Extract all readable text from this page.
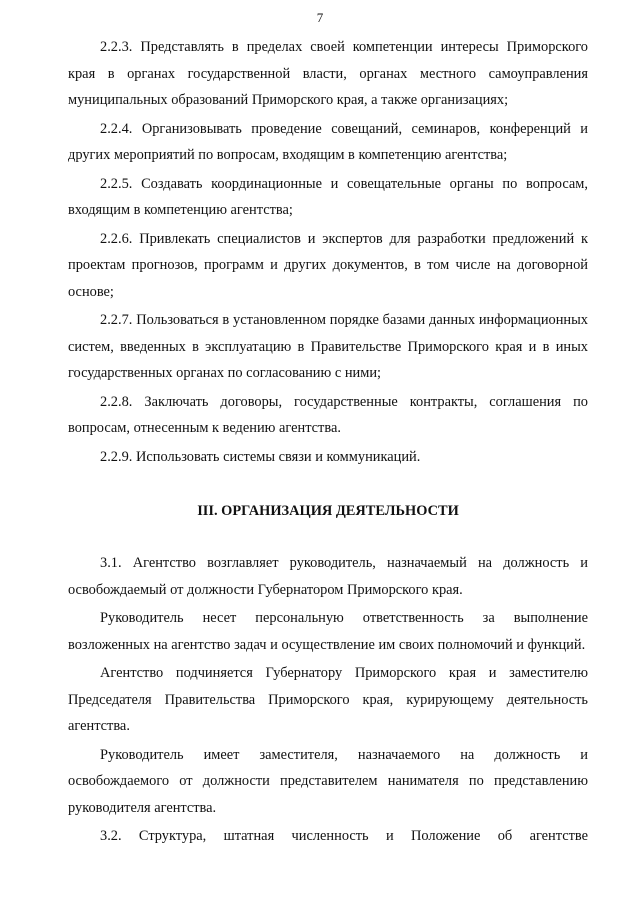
7

2.2.3. Представлять в пределах своей компетенции интересы Приморского края в органах государственной власти, органах местного самоуправления муниципальных образований Приморского края, а также организациях;

2.2.4. Организовывать проведение совещаний, семинаров, конференций и других мероприятий по вопросам, входящим в компетенцию агентства;

2.2.5. Создавать координационные и совещательные органы по вопросам, входящим в компетенцию агентства;

2.2.6. Привлекать специалистов и экспертов для разработки предложений к проектам прогнозов, программ и других документов, в том числе на договорной основе;

2.2.7. Пользоваться в установленном порядке базами данных информационных систем, введенных в эксплуатацию в Правительстве Приморского края и в иных государственных органах по согласованию с ними;

2.2.8. Заключать договоры, государственные контракты, соглашения по вопросам, отнесенным к ведению агентства.

2.2.9. Использовать системы связи и коммуникаций.

III. ОРГАНИЗАЦИЯ ДЕЯТЕЛЬНОСТИ

3.1. Агентство возглавляет руководитель, назначаемый на должность и освобождаемый от должности Губернатором Приморского края.

Руководитель несет персональную ответственность за выполнение возложенных на агентство задач и осуществление им своих полномочий и функций.

Агентство подчиняется Губернатору Приморского края и заместителю Председателя Правительства Приморского края, курирующему деятельность агентства.

Руководитель имеет заместителя, назначаемого на должность и освобождаемого от должности представителем нанимателя по представлению руководителя агентства.

3.2. Структура, штатная численность и Положение об агентстве
